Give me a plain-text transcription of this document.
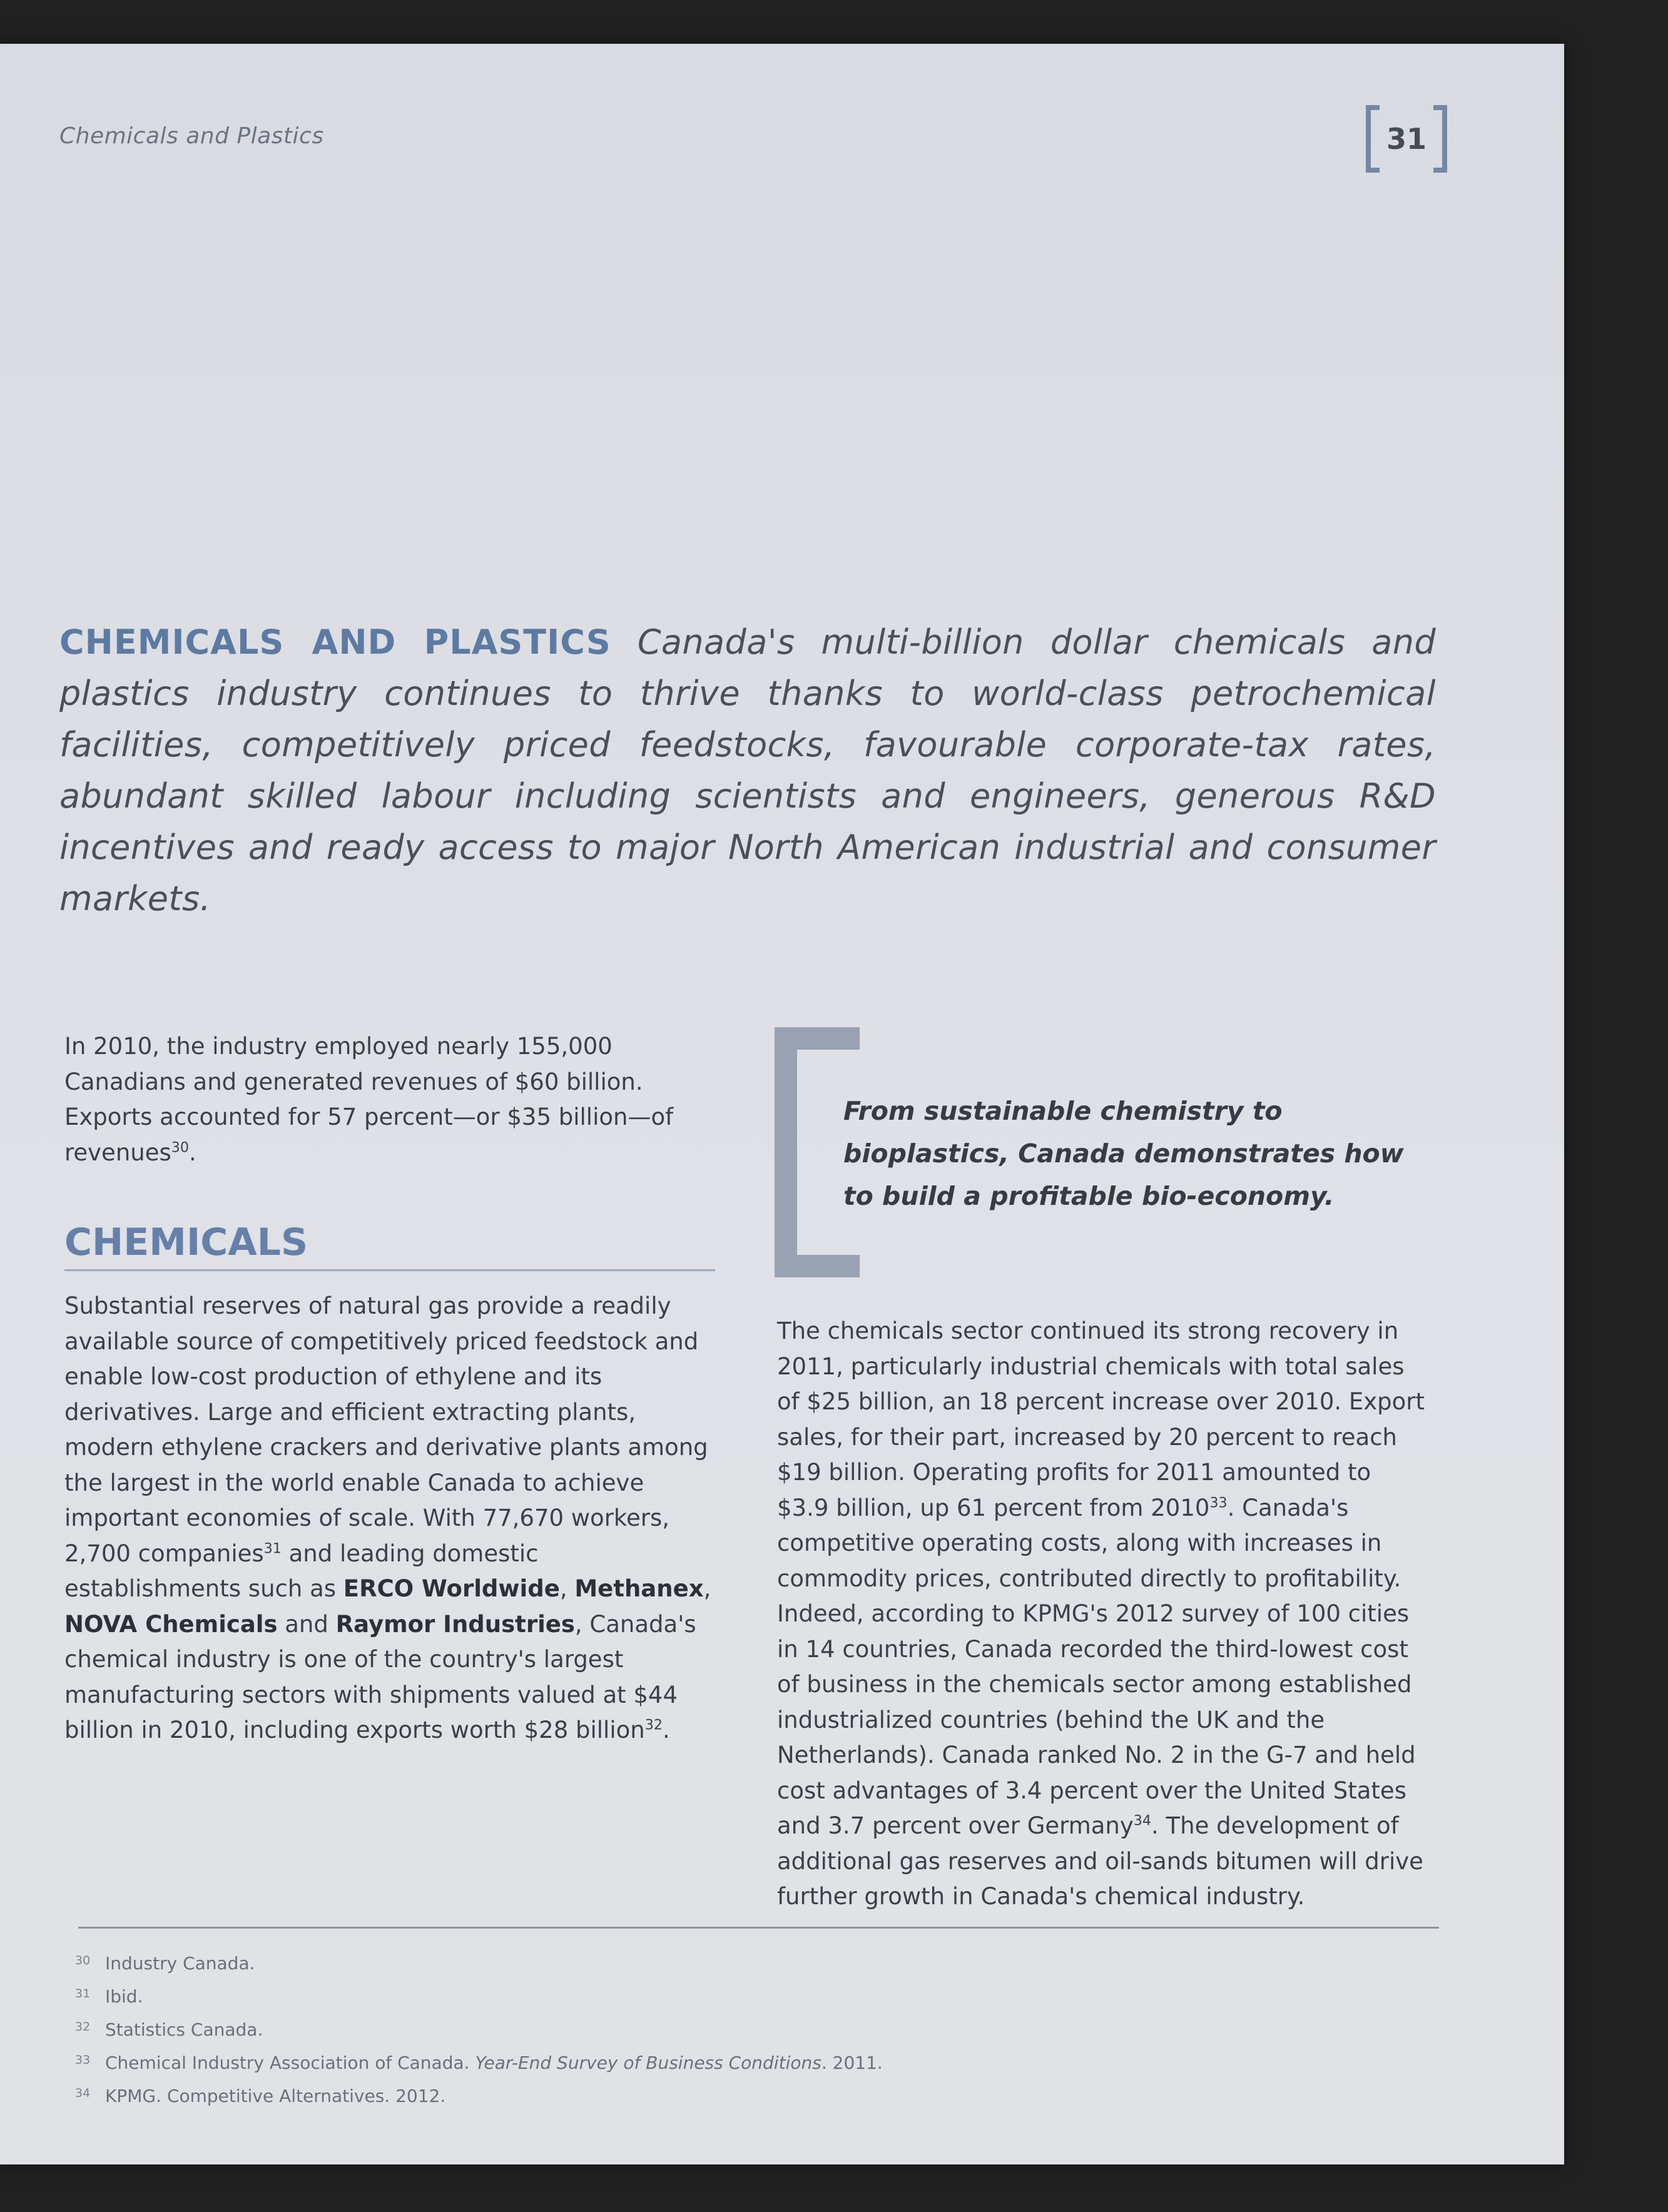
Chemicals and Plastics	31

CHEMICALS AND PLASTICS Canada's multi-billion dollar chemicals and plastics industry continues to thrive thanks to world-class petrochemical facilities, competitively priced feedstocks, favourable corporate-tax rates, abundant skilled labour including scientists and engineers, generous R&D incentives and ready access to major North American industrial and consumer markets.

In 2010, the industry employed nearly 155,000 Canadians and generated revenues of $60 billion. Exports accounted for 57 percent—or $35 billion—of revenues$^{30}$.

CHEMICALS

Substantial reserves of natural gas provide a readily available source of competitively priced feedstock and enable low-cost production of ethylene and its derivatives. Large and efficient extracting plants, modern ethylene crackers and derivative plants among the largest in the world enable Canada to achieve important economies of scale. With 77,670 workers, 2,700 companies$^{31}$ and leading domestic establishments such as ERCO Worldwide, Methanex, NOVA Chemicals and Raymor Industries, Canada's chemical industry is one of the country's largest manufacturing sectors with shipments valued at $44 billion in 2010, including exports worth $28 billion$^{32}$.

From sustainable chemistry to bioplastics, Canada demonstrates how to build a profitable bio-economy.

The chemicals sector continued its strong recovery in 2011, particularly industrial chemicals with total sales of $25 billion, an 18 percent increase over 2010. Export sales, for their part, increased by 20 percent to reach $19 billion. Operating profits for 2011 amounted to $3.9 billion, up 61 percent from 2010$^{33}$. Canada's competitive operating costs, along with increases in commodity prices, contributed directly to profitability. Indeed, according to KPMG's 2012 survey of 100 cities in 14 countries, Canada recorded the third-lowest cost of business in the chemicals sector among established industrialized countries (behind the UK and the Netherlands). Canada ranked No. 2 in the G-7 and held cost advantages of 3.4 percent over the United States and 3.7 percent over Germany$^{34}$. The development of additional gas reserves and oil-sands bitumen will drive further growth in Canada's chemical industry.

30 Industry Canada.
31 Ibid.
32 Statistics Canada.
33 Chemical Industry Association of Canada. Year-End Survey of Business Conditions. 2011.
34 KPMG. Competitive Alternatives. 2012.
